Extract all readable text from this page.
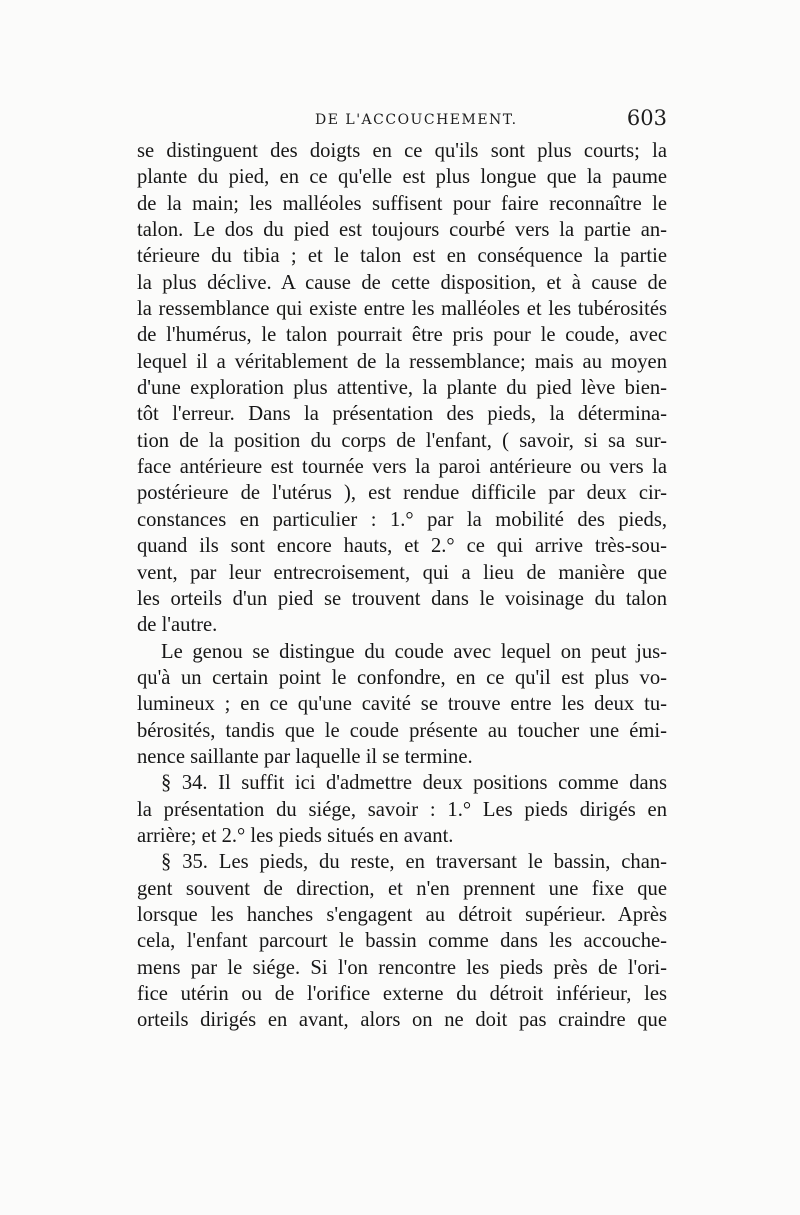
DE L'ACCOUCHEMENT.	603
se distinguent des doigts en ce qu'ils sont plus courts; la
plante du pied, en ce qu'elle est plus longue que la paume
de la main; les malléoles suffisent pour faire reconnaître le
talon. Le dos du pied est toujours courbé vers la partie an-
térieure du tibia ; et le talon est en conséquence la partie
la plus déclive. A cause de cette disposition, et à cause de
la ressemblance qui existe entre les malléoles et les tubérosités
de l'humérus, le talon pourrait être pris pour le coude, avec
lequel il a véritablement de la ressemblance; mais au moyen
d'une exploration plus attentive, la plante du pied lève bien-
tôt l'erreur. Dans la présentation des pieds, la détermina-
tion de la position du corps de l'enfant, ( savoir, si sa sur-
face antérieure est tournée vers la paroi antérieure ou vers la
postérieure de l'utérus ), est rendue difficile par deux cir-
constances en particulier : 1.° par la mobilité des pieds,
quand ils sont encore hauts, et 2.° ce qui arrive très-sou-
vent, par leur entrecroisement, qui a lieu de manière que
les orteils d'un pied se trouvent dans le voisinage du talon
de l'autre.
Le genou se distingue du coude avec lequel on peut jus-
qu'à un certain point le confondre, en ce qu'il est plus vo-
lumineux ; en ce qu'une cavité se trouve entre les deux tu-
bérosités, tandis que le coude présente au toucher une émi-
nence saillante par laquelle il se termine.
§ 34. Il suffit ici d'admettre deux positions comme dans
la présentation du siége, savoir : 1.° Les pieds dirigés en
arrière; et 2.° les pieds situés en avant.
§ 35. Les pieds, du reste, en traversant le bassin, chan-
gent souvent de direction, et n'en prennent une fixe que
lorsque les hanches s'engagent au détroit supérieur. Après
cela, l'enfant parcourt le bassin comme dans les accouche-
mens par le siége. Si l'on rencontre les pieds près de l'ori-
fice utérin ou de l'orifice externe du détroit inférieur, les
orteils dirigés en avant, alors on ne doit pas craindre que
